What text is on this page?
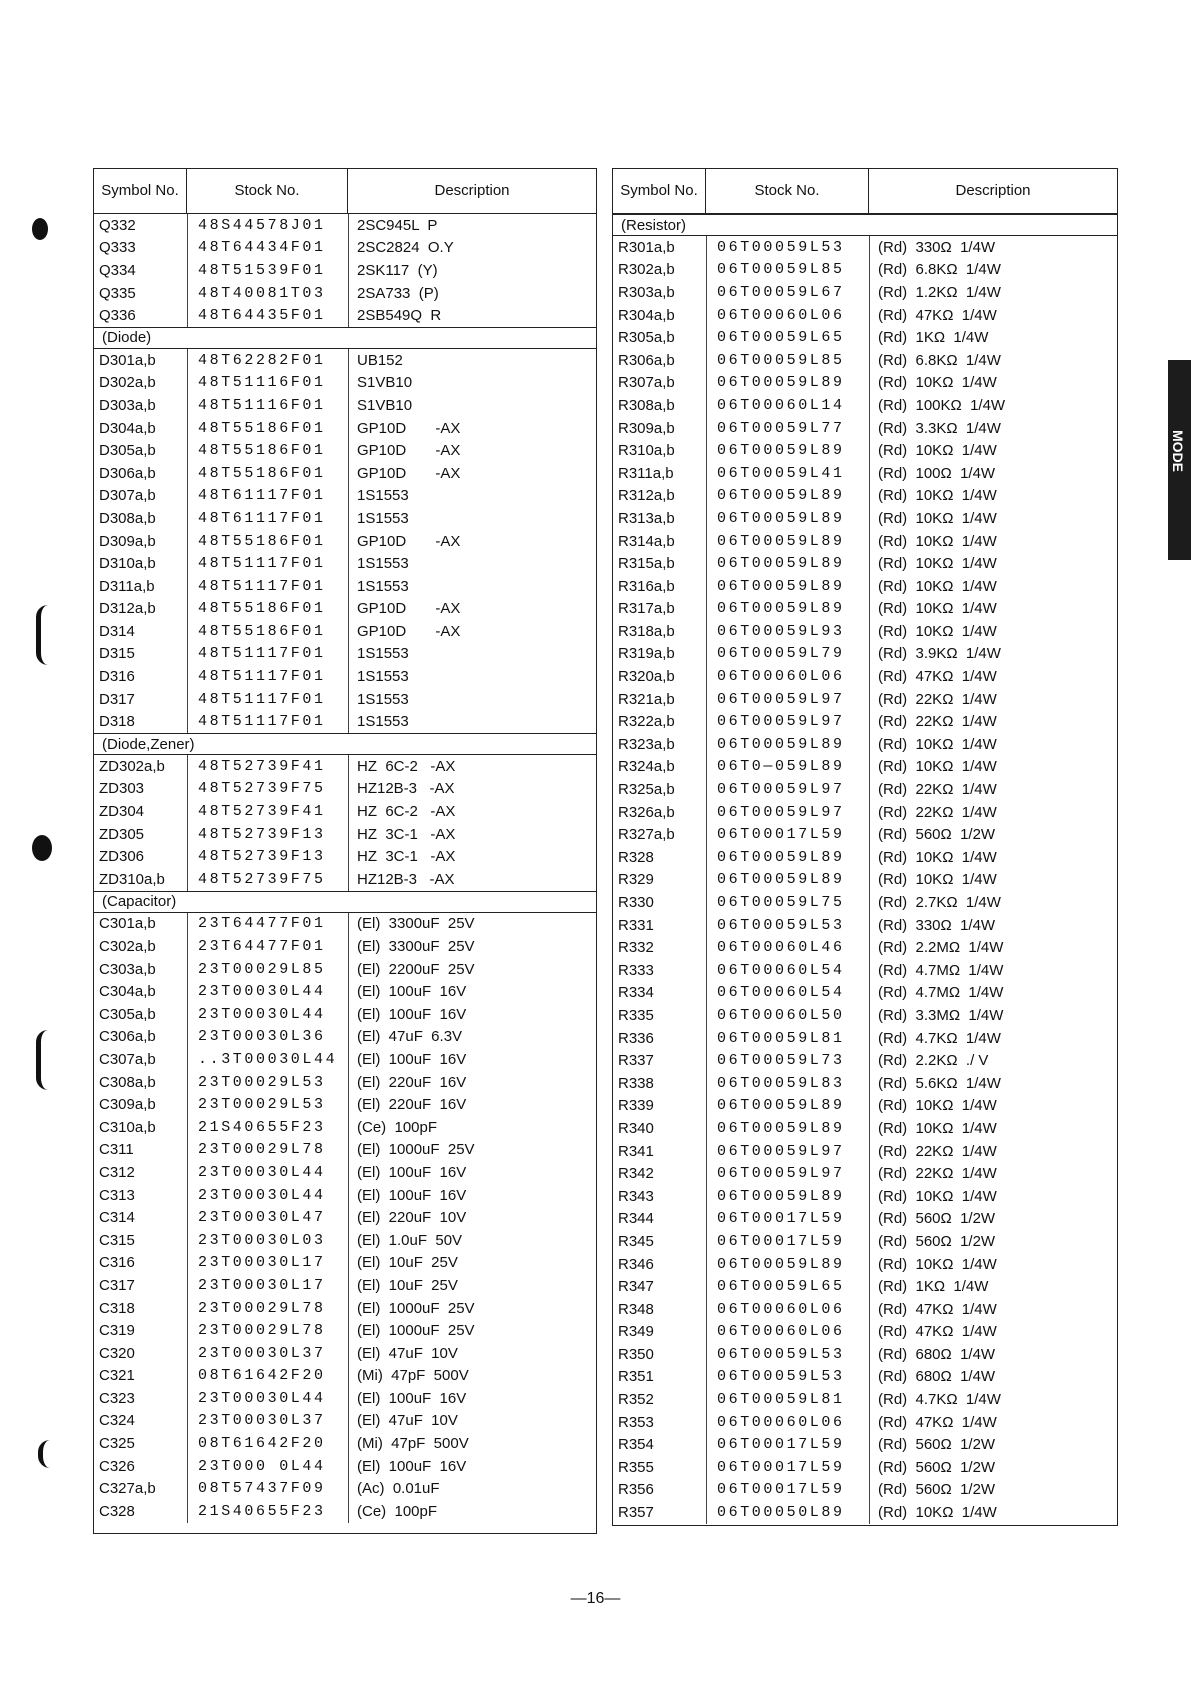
Symbol No.	Stock No.	Description
Q332	48S44578J01	2SC945L  P
Q333	48T64434F01	2SC2824  O.Y
Q334	48T51539F01	2SK117  (Y)
Q335	48T40081T03	2SA733  (P)
Q336	48T64435F01	2SB549Q  R
(Diode)
D301a,b	48T62282F01	UB152
D302a,b	48T51116F01	S1VB10
D303a,b	48T51116F01	S1VB10
D304a,b	48T55186F01	GP10D       -AX
D305a,b	48T55186F01	GP10D       -AX
D306a,b	48T55186F01	GP10D       -AX
D307a,b	48T61117F01	1S1553
D308a,b	48T61117F01	1S1553
D309a,b	48T55186F01	GP10D       -AX
D310a,b	48T51117F01	1S1553
D311a,b	48T51117F01	1S1553
D312a,b	48T55186F01	GP10D       -AX
D314	48T55186F01	GP10D       -AX
D315	48T51117F01	1S1553
D316	48T51117F01	1S1553
D317	48T51117F01	1S1553
D318	48T51117F01	1S1553
(Diode,Zener)
ZD302a,b	48T52739F41	HZ  6C-2   -AX
ZD303	48T52739F75	HZ12B-3   -AX
ZD304	48T52739F41	HZ  6C-2   -AX
ZD305	48T52739F13	HZ  3C-1   -AX
ZD306	48T52739F13	HZ  3C-1   -AX
ZD310a,b	48T52739F75	HZ12B-3   -AX
(Capacitor)
C301a,b	23T64477F01	(El)  3300uF  25V
C302a,b	23T64477F01	(El)  3300uF  25V
C303a,b	23T00029L85	(El)  2200uF  25V
C304a,b	23T00030L44	(El)  100uF  16V
C305a,b	23T00030L44	(El)  100uF  16V
C306a,b	23T00030L36	(El)  47uF  6.3V
C307a,b	..3T00030L44	(El)  100uF  16V
C308a,b	23T00029L53	(El)  220uF  16V
C309a,b	23T00029L53	(El)  220uF  16V
C310a,b	21S40655F23	(Ce)  100pF
C311	23T00029L78	(El)  1000uF  25V
C312	23T00030L44	(El)  100uF  16V
C313	23T00030L44	(El)  100uF  16V
C314	23T00030L47	(El)  220uF  10V
C315	23T00030L03	(El)  1.0uF  50V
C316	23T00030L17	(El)  10uF  25V
C317	23T00030L17	(El)  10uF  25V
C318	23T00029L78	(El)  1000uF  25V
C319	23T00029L78	(El)  1000uF  25V
C320	23T00030L37	(El)  47uF  10V
C321	08T61642F20	(Mi)  47pF  500V
C323	23T00030L44	(El)  100uF  16V
C324	23T00030L37	(El)  47uF  10V
C325	08T61642F20	(Mi)  47pF  500V
C326	23T000 0L44	(El)  100uF  16V
C327a,b	08T57437F09	(Ac)  0.01uF
C328	21S40655F23	(Ce)  100pF
Symbol No.	Stock No.	Description
(Resistor)
R301a,b	06T00059L53	(Rd)  330Ω  1/4W
R302a,b	06T00059L85	(Rd)  6.8KΩ  1/4W
R303a,b	06T00059L67	(Rd)  1.2KΩ  1/4W
R304a,b	06T00060L06	(Rd)  47KΩ  1/4W
R305a,b	06T00059L65	(Rd)  1KΩ  1/4W
R306a,b	06T00059L85	(Rd)  6.8KΩ  1/4W
R307a,b	06T00059L89	(Rd)  10KΩ  1/4W
R308a,b	06T00060L14	(Rd)  100KΩ  1/4W
R309a,b	06T00059L77	(Rd)  3.3KΩ  1/4W
R310a,b	06T00059L89	(Rd)  10KΩ  1/4W
R311a,b	06T00059L41	(Rd)  100Ω  1/4W
R312a,b	06T00059L89	(Rd)  10KΩ  1/4W
R313a,b	06T00059L89	(Rd)  10KΩ  1/4W
R314a,b	06T00059L89	(Rd)  10KΩ  1/4W
R315a,b	06T00059L89	(Rd)  10KΩ  1/4W
R316a,b	06T00059L89	(Rd)  10KΩ  1/4W
R317a,b	06T00059L89	(Rd)  10KΩ  1/4W
R318a,b	06T00059L93	(Rd)  10KΩ  1/4W
R319a,b	06T00059L79	(Rd)  3.9KΩ  1/4W
R320a,b	06T00060L06	(Rd)  47KΩ  1/4W
R321a,b	06T00059L97	(Rd)  22KΩ  1/4W
R322a,b	06T00059L97	(Rd)  22KΩ  1/4W
R323a,b	06T00059L89	(Rd)  10KΩ  1/4W
R324a,b	06T0—059L89	(Rd)  10KΩ  1/4W
R325a,b	06T00059L97	(Rd)  22KΩ  1/4W
R326a,b	06T00059L97	(Rd)  22KΩ  1/4W
R327a,b	06T00017L59	(Rd)  560Ω  1/2W
R328	06T00059L89	(Rd)  10KΩ  1/4W
R329	06T00059L89	(Rd)  10KΩ  1/4W
R330	06T00059L75	(Rd)  2.7KΩ  1/4W
R331	06T00059L53	(Rd)  330Ω  1/4W
R332	06T00060L46	(Rd)  2.2MΩ  1/4W
R333	06T00060L54	(Rd)  4.7MΩ  1/4W
R334	06T00060L54	(Rd)  4.7MΩ  1/4W
R335	06T00060L50	(Rd)  3.3MΩ  1/4W
R336	06T00059L81	(Rd)  4.7KΩ  1/4W
R337	06T00059L73	(Rd)  2.2KΩ  ./ V
R338	06T00059L83	(Rd)  5.6KΩ  1/4W
R339	06T00059L89	(Rd)  10KΩ  1/4W
R340	06T00059L89	(Rd)  10KΩ  1/4W
R341	06T00059L97	(Rd)  22KΩ  1/4W
R342	06T00059L97	(Rd)  22KΩ  1/4W
R343	06T00059L89	(Rd)  10KΩ  1/4W
R344	06T00017L59	(Rd)  560Ω  1/2W
R345	06T00017L59	(Rd)  560Ω  1/2W
R346	06T00059L89	(Rd)  10KΩ  1/4W
R347	06T00059L65	(Rd)  1KΩ  1/4W
R348	06T00060L06	(Rd)  47KΩ  1/4W
R349	06T00060L06	(Rd)  47KΩ  1/4W
R350	06T00059L53	(Rd)  680Ω  1/4W
R351	06T00059L53	(Rd)  680Ω  1/4W
R352	06T00059L81	(Rd)  4.7KΩ  1/4W
R353	06T00060L06	(Rd)  47KΩ  1/4W
R354	06T00017L59	(Rd)  560Ω  1/2W
R355	06T00017L59	(Rd)  560Ω  1/2W
R356	06T00017L59	(Rd)  560Ω  1/2W
R357	06T00050L89	(Rd)  10KΩ  1/4W
—16—
MODE
